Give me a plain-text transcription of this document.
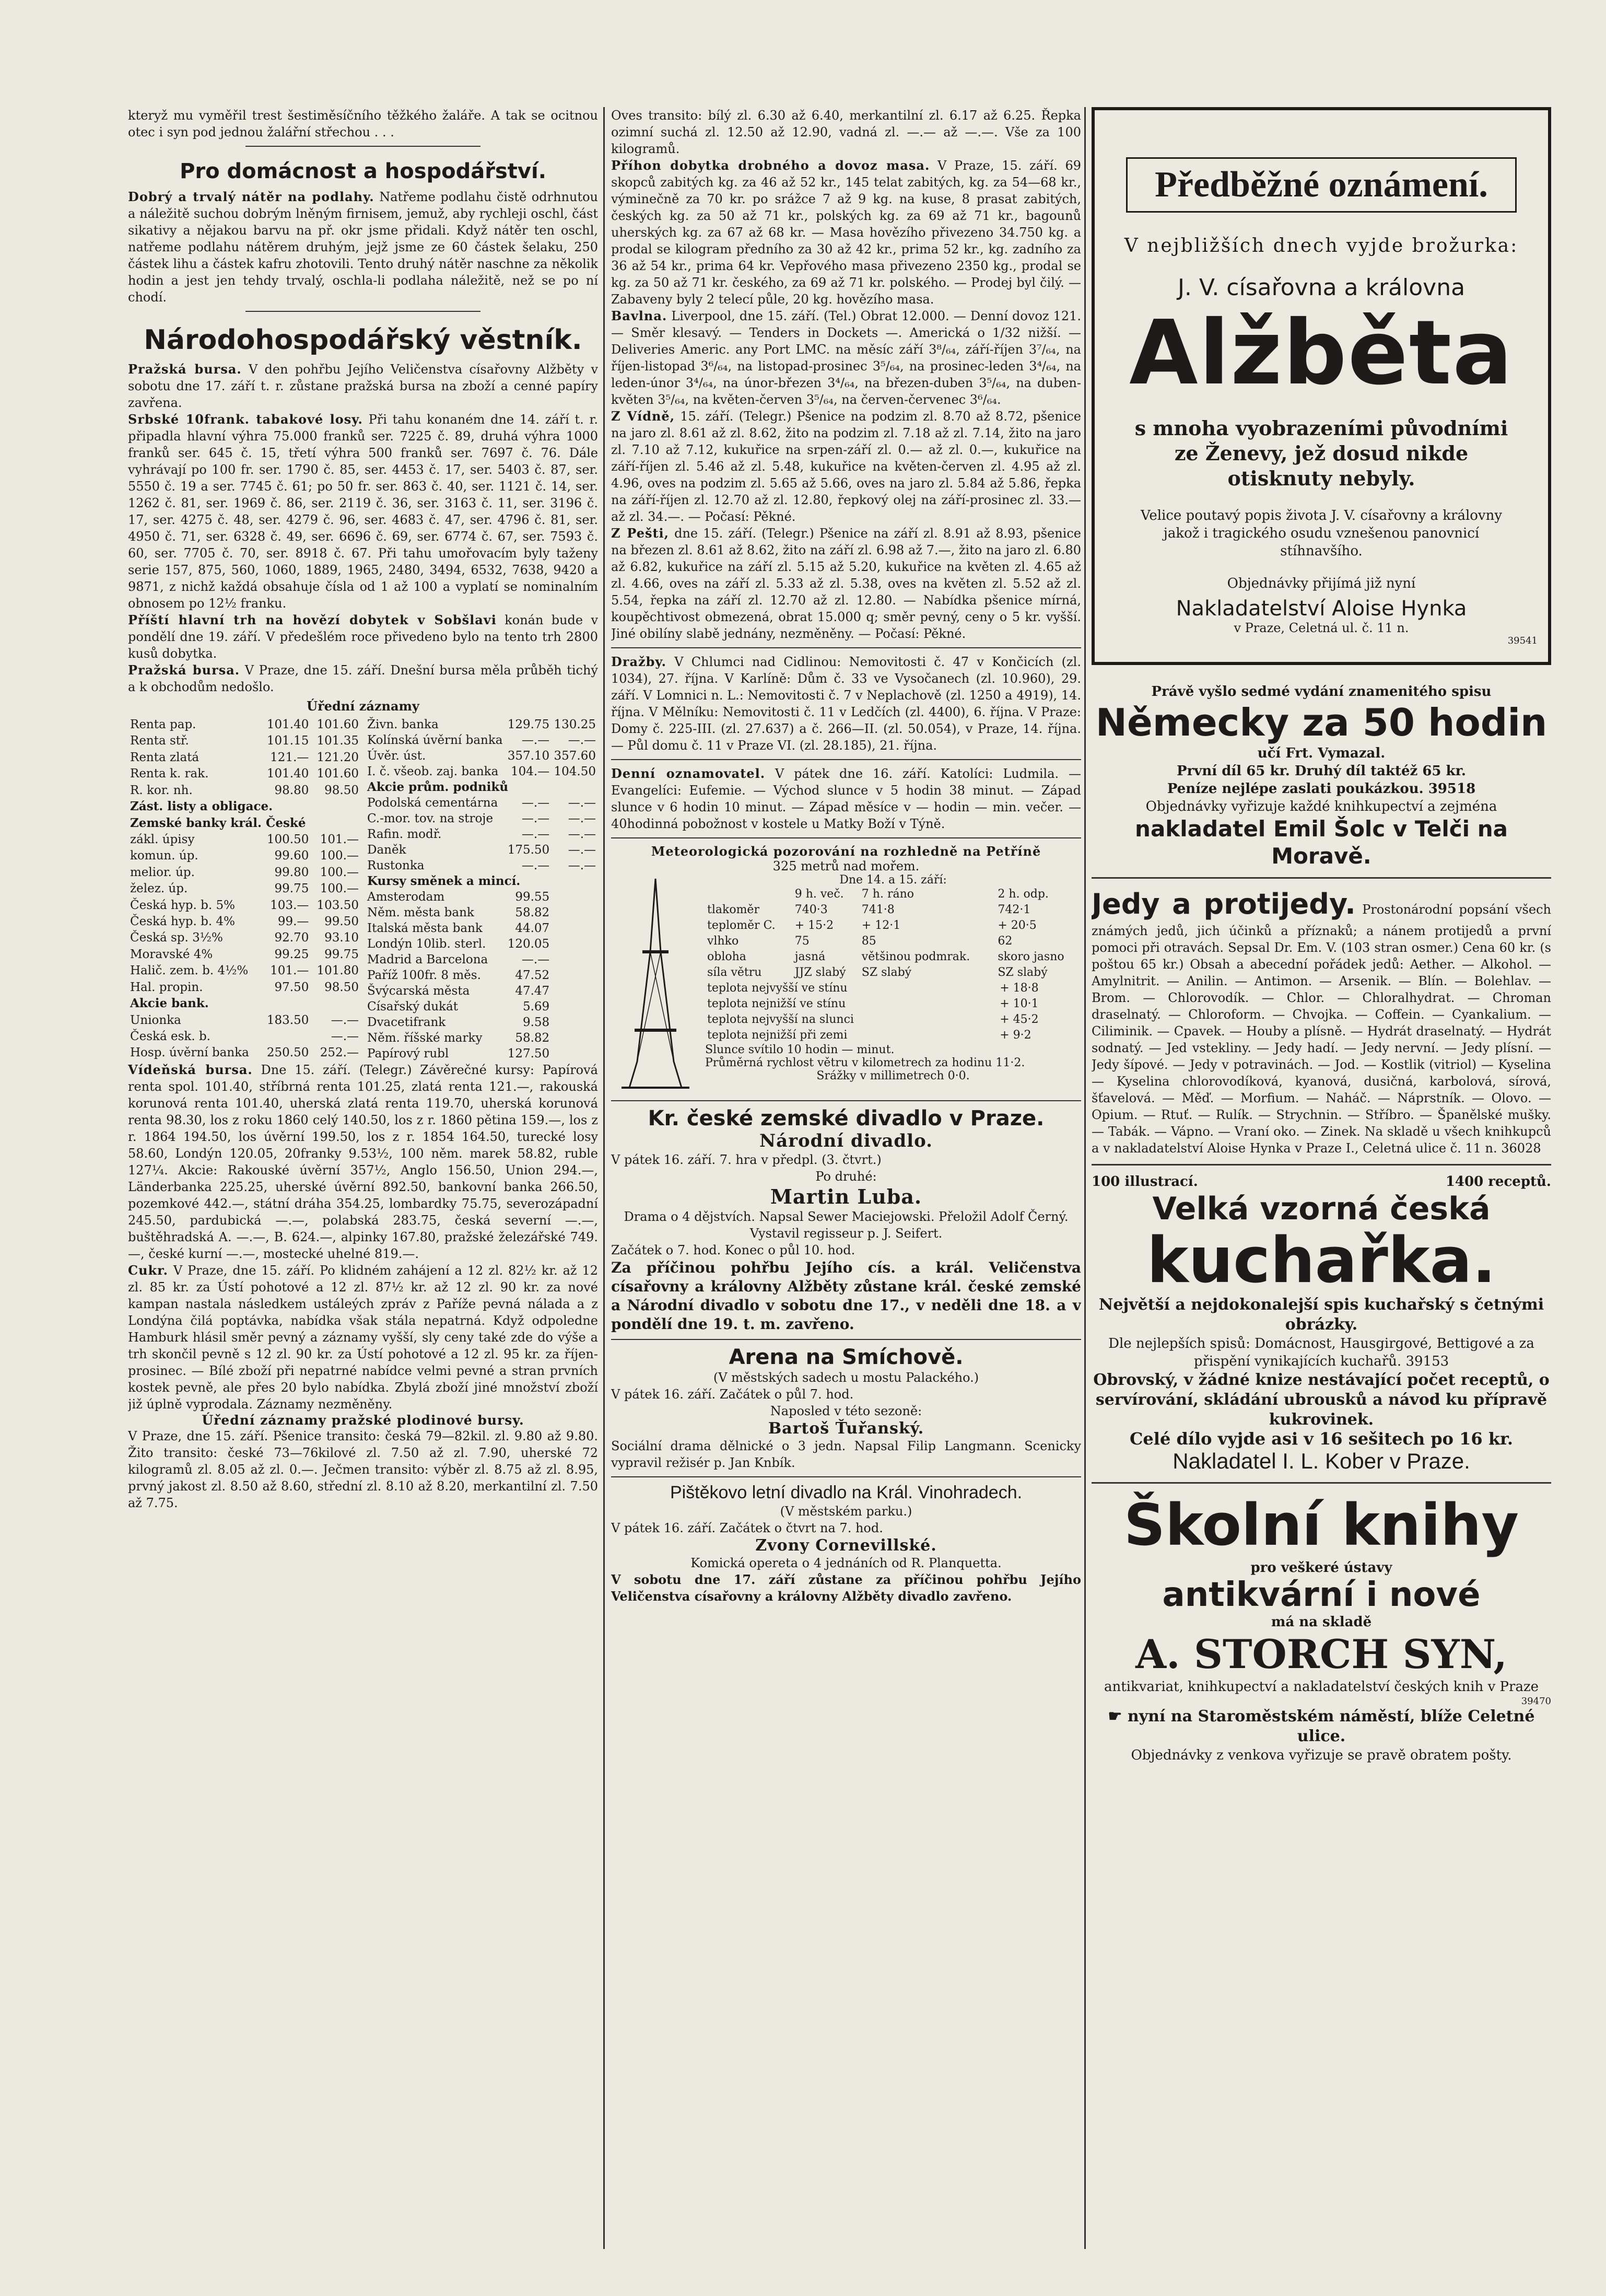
kteryž mu vyměřil trest šestiměsíčního těžkého žaláře. A tak se ocitnou otec i syn pod jednou žalářní střechou . . .

Pro domácnost a hospodářství.

Dobrý a trvalý nátěr na podlahy. Natřeme podlahu čistě odrhnutou a náležitě suchou dobrým lněným firnisem, jemuž, aby rychleji oschl, část sikativy a nějakou barvu na př. okr jsme přidali. Když nátěr ten oschl, natřeme podlahu nátěrem druhým, jejž jsme ze 60 částek šelaku, 250 částek lihu a částek kafru zhotovili. Tento druhý nátěr naschne za několik hodin a jest jen tehdy trvalý, oschla-li podlaha náležitě, než se po ní chodí.

Národohospodářský věstník.

Pražská bursa. V den pohřbu Jejího Veličenstva císařovny Alžběty v sobotu dne 17. září t. r. zůstane pražská bursa na zboží a cenné papíry zavřena.

Srbské 10frank. tabakové losy. Při tahu konaném dne 14. září t. r. připadla hlavní výhra 75.000 franků ser. 7225 č. 89, druhá výhra 1000 franků ser. 645 č. 15, třetí výhra 500 franků ser. 7697 č. 76. Dále vyhrávají po 100 fr. ser. 1790 č. 85, ser. 4453 č. 17, ser. 5403 č. 87, ser. 5550 č. 19 a ser. 7745 č. 61; po 50 fr. ser. 863 č. 40, ser. 1121 č. 14, ser. 1262 č. 81, ser. 1969 č. 86, ser. 2119 č. 36, ser. 3163 č. 11, ser. 3196 č. 17, ser. 4275 č. 48, ser. 4279 č. 96, ser. 4683 č. 47, ser. 4796 č. 81, ser. 4950 č. 71, ser. 6328 č. 49, ser. 6696 č. 69, ser. 6774 č. 67, ser. 7593 č. 60, ser. 7705 č. 70, ser. 8918 č. 67. Při tahu umořovacím byly taženy serie 157, 875, 560, 1060, 1889, 1965, 2480, 3494, 6532, 7638, 9420 a 9871, z nichž každá obsahuje čísla od 1 až 100 a vyplatí se nominalním obnosem po 12½ franku.

Příští hlavní trh na hovězí dobytek v Sobšlavi konán bude v pondělí dne 19. září. V předešlém roce přivedeno bylo na tento trh 2800 kusů dobytka.

Pražská bursa. V Praze, dne 15. září. Dnešní bursa měla průběh tichý a k obchodům nedošlo.

Úřední záznamy
Renta pap.	101.40	101.60
Renta stř.	101.15	101.35
Renta zlatá	121.—	121.20
Renta k. rak.	101.40	101.60
R. kor. nh.	98.80	98.50
Zást. listy a obligace.		
Zemské banky král. České		
zákl. úpisy	100.50	101.—
komun. úp.	99.60	100.—
melior. úp.	99.80	100.—
želez. úp.	99.75	100.—
Česká hyp. b. 5%	103.—	103.50
Česká hyp. b. 4%	99.—	99.50
Česká sp. 3½%	92.70	93.10
Moravské 4%	99.25	99.75
Halič. zem. b. 4½%	101.—	101.80
Hal. propin.	97.50	98.50
Akcie bank.		
Unionka	183.50	—.—
Česká esk. b.		—.—
Hosp. úvěrní banka	250.50	252.—
Živn. banka	129.75	130.25
Kolínská úvěrní banka	—.—	—.—
Úvěr. úst.	357.10	357.60
I. č. všeob. zaj. banka	104.—	104.50
Akcie prům. podniků		
Podolská cementárna	—.—	—.—
C.-mor. tov. na stroje	—.—	—.—
Rafin. modř.	—.—	—.—
Daněk	175.50	—.—
Rustonka	—.—	—.—
Kursy směnek a mincí.		
Amsterodam	99.55	
Něm. města bank	58.82	
Italská města bank	44.07	
Londýn 10lib. sterl.	120.05	
Madrid a Barcelona	—.—	
Paříž 100fr. 8 měs.	47.52	
Švýcarská města	47.47	
Císařský dukát	5.69	
Dvacetifrank	9.58	
Něm. říšské marky	58.82	
Papírový rubl	127.50	

Vídeňská bursa. Dne 15. září. (Telegr.) Závěrečné kursy: Papírová renta spol. 101.40, stříbrná renta 101.25, zlatá renta 121.—, rakouská korunová renta 101.40, uherská zlatá renta 119.70, uherská korunová renta 98.30, los z roku 1860 celý 140.50, los z r. 1860 pětina 159.—, los z r. 1864 194.50, los úvěrní 199.50, los z r. 1854 164.50, turecké losy 58.60, Londýn 120.05, 20franky 9.53½, 100 něm. marek 58.82, ruble 127¼. Akcie: Rakouské úvěrní 357½, Anglo 156.50, Union 294.—, Länderbanka 225.25, uherské úvěrní 892.50, bankovní banka 266.50, pozemkové 442.—, státní dráha 354.25, lombardky 75.75, severozápadní 245.50, pardubická —.—, polabská 283.75, česká severní —.—, buštěhradská A. —.—, B. 624.—, alpinky 167.80, pražské železářské 749.—, české kurní —.—, mostecké uhelné 819.—.

Cukr. V Praze, dne 15. září. Po klidném zahájení a 12 zl. 82½ kr. až 12 zl. 85 kr. za Ústí pohotové a 12 zl. 87½ kr. až 12 zl. 90 kr. za nové kampan nastala následkem ustáleých zpráv z Paříže pevná nálada a z Londýna čilá poptávka, nabídka však stála nepatrná. Když odpoledne Hamburk hlásil směr pevný a záznamy vyšší, sly ceny také zde do výše a trh skončil pevně s 12 zl. 90 kr. za Ústí pohotové a 12 zl. 95 kr. za říjen-prosinec. — Bílé zboží při nepatrné nabídce velmi pevné a stran prvních kostek pevně, ale přes 20 bylo nabídka. Zbylá zboží jiné množství zboží již úplně vyprodala. Záznamy nezměněny.

Úřední záznamy pražské plodinové bursy.

V Praze, dne 15. září. Pšenice transito: česká 79—82kil. zl. 9.80 až 9.80. Žito transito: české 73—76kilové zl. 7.50 až zl. 7.90, uherské 72 kilogramů zl. 8.05 až zl. 0.—. Ječmen transito: výběr zl. 8.75 až zl. 8.95, prvný jakost zl. 8.50 až 8.60, střední zl. 8.10 až 8.20, merkantilní zl. 7.50 až 7.75.

Oves transito: bílý zl. 6.30 až 6.40, merkantilní zl. 6.17 až 6.25. Řepka ozimní suchá zl. 12.50 až 12.90, vadná zl. —.— až —.—. Vše za 100 kilogramů.

Příhon dobytka drobného a dovoz masa. V Praze, 15. září. 69 skopců zabitých kg. za 46 až 52 kr., 145 telat zabitých, kg. za 54—68 kr., výminečně za 70 kr. po srážce 7 až 9 kg. na kuse, 8 prasat zabitých, českých kg. za 50 až 71 kr., polských kg. za 69 až 71 kr., bagounů uherských kg. za 67 až 68 kr. — Masa hovězího přivezeno 34.750 kg. a prodal se kilogram předního za 30 až 42 kr., prima 52 kr., kg. zadního za 36 až 54 kr., prima 64 kr. Vepřového masa přivezeno 2350 kg., prodal se kg. za 50 až 71 kr. českého, za 69 až 71 kr. polského. — Prodej byl čilý. — Zabaveny byly 2 telecí půle, 20 kg. hovězího masa.

Bavlna. Liverpool, dne 15. září. (Tel.) Obrat 12.000. — Denní dovoz 121. — Směr klesavý. — Tenders in Dockets —. Americká o 1/32 nižší. — Deliveries Americ. any Port LMC. na měsíc září 3⁸/₆₄, září-říjen 3⁷/₆₄, na říjen-listopad 3⁶/₆₄, na listopad-prosinec 3⁵/₆₄, na prosinec-leden 3⁴/₆₄, na leden-únor 3⁴/₆₄, na únor-březen 3⁴/₆₄, na březen-duben 3⁵/₆₄, na duben-květen 3⁵/₆₄, na květen-červen 3⁵/₆₄, na červen-červenec 3⁶/₆₄.

Z Vídně, 15. září. (Telegr.) Pšenice na podzim zl. 8.70 až 8.72, pšenice na jaro zl. 8.61 až zl. 8.62, žito na podzim zl. 7.18 až zl. 7.14, žito na jaro zl. 7.10 až 7.12, kukuřice na srpen-září zl. 0.— až zl. 0.—, kukuřice na září-říjen zl. 5.46 až zl. 5.48, kukuřice na květen-červen zl. 4.95 až zl. 4.96, oves na podzim zl. 5.65 až 5.66, oves na jaro zl. 5.84 až 5.86, řepka na září-říjen zl. 12.70 až zl. 12.80, řepkový olej na září-prosinec zl. 33.— až zl. 34.—. — Počasí: Pěkné.

Z Pešti, dne 15. září. (Telegr.) Pšenice na září zl. 8.91 až 8.93, pšenice na březen zl. 8.61 až 8.62, žito na září zl. 6.98 až 7.—, žito na jaro zl. 6.80 až 6.82, kukuřice na září zl. 5.15 až 5.20, kukuřice na květen zl. 4.65 až zl. 4.66, oves na září zl. 5.33 až zl. 5.38, oves na květen zl. 5.52 až zl. 5.54, řepka na září zl. 12.70 až zl. 12.80. — Nabídka pšenice mírná, koupěchtivost obmezená, obrat 15.000 q; směr pevný, ceny o 5 kr. vyšší. Jiné obilíny slabě jednány, nezměněny. — Počasí: Pěkné.

Dražby. V Chlumci nad Cidlinou: Nemovitosti č. 47 v Končicích (zl. 1034), 27. října. V Karlíně: Dům č. 33 ve Vysočanech (zl. 10.960), 29. září. V Lomnici n. L.: Nemovitosti č. 7 v Neplachově (zl. 1250 a 4919), 14. října. V Mělníku: Nemovitosti č. 11 v Ledčích (zl. 4400), 6. října. V Praze: Domy č. 225-III. (zl. 27.637) a č. 266—II. (zl. 50.054), v Praze, 14. října. — Půl domu č. 11 v Praze VI. (zl. 28.185), 21. října.

Denní oznamovatel. V pátek dne 16. září. Katolíci: Ludmila. — Evangelíci: Eufemie. — Východ slunce v 5 hodin 38 minut. — Západ slunce v 6 hodin 10 minut. — Západ měsíce v — hodin — min. večer. — 40hodinná pobožnost v kostele u Matky Boží v Týně.

Meteorologická pozorování na rozhledně na Petříně
325 metrů nad mořem.
Dne 14. a 15. září:
	9 h. več.	7 h. ráno	2 h. odp.
tlakoměr	740·3	741·8	742·1
teploměr C.	+ 15·2	+ 12·1	+ 20·5
vlhko	75	85	62
obloha	jasná	většinou podmrak.	skoro jasno
síla větru	JJZ slabý	SZ slabý	SZ slabý
teplota nejvyšší ve stínu	+ 18·8
teplota nejnižší ve stínu	+ 10·1
teplota nejvyšší na slunci	+ 45·2
teplota nejnižší při zemi	+ 9·2
Slunce svítilo 10 hodin — minut.
Průměrná rychlost větru v kilometrech za hodinu 11·2.
Srážky v millimetrech 0·0.
Kr. české zemské divadlo v Praze.
Národní divadlo.

V pátek 16. září. 7. hra v předpl. (3. čtvrt.)

Po druhé:

Martin Luba.

Drama o 4 dějstvích. Napsal Sewer Maciejowski. Přeložil Adolf Černý. Vystavil regisseur p. J. Seifert.

Začátek o 7. hod. Konec o půl 10. hod.

Za příčinou pohřbu Jejího cís. a král. Veličenstva císařovny a královny Alžběty zůstane král. české zemské a Národní divadlo v sobotu dne 17., v neděli dne 18. a v pondělí dne 19. t. m. zavřeno.

Arena na Smíchově.

(V městských sadech u mostu Palackého.)

V pátek 16. září. Začátek o půl 7. hod.

Naposled v této sezoně:

Bartoš Ťuřanský.

Sociální drama dělnické o 3 jedn. Napsal Filip Langmann. Scenicky vypravil režisér p. Jan Knbík.

Pištěkovo letní divadlo na Král. Vinohradech.

(V městském parku.)

V pátek 16. září. Začátek o čtvrt na 7. hod.

Zvony Cornevillské.

Komická opereta o 4 jednáních od R. Planquetta.

V sobotu dne 17. září zůstane za příčinou pohřbu Jejího Veličenstva císařovny a královny Alžběty divadlo zavřeno.

Předběžné oznámení.
V nejbližších dnech vyjde brožurka:
J. V. císařovna a královna
Alžběta
s mnoha vyobrazeními původními ze Ženevy, jež dosud nikde otisknuty nebyly.
Velice poutavý popis života J. V. císařovny a královny jakož i tragického osudu vznešenou panovnicí stíhnavšího.
Objednávky přijímá již nyní
Nakladatelství Aloise Hynka
v Praze, Celetná ul. č. 11 n.
39541
Právě vyšlo sedmé vydání znamenitého spisu
Německy za 50 hodin
učí Frt. Vymazal.
První díl 65 kr. Druhý díl taktéž 65 kr.
Peníze nejlépe zaslati poukázkou. 39518
Objednávky vyřizuje každé knihkupectví a zejména
nakladatel Emil Šolc v Telči na Moravě.

Jedy a protijedy. Prostonárodní popsání všech známých jedů, jich účinků a příznaků; a nánem protijedů a první pomoci při otravách. Sepsal Dr. Em. V. (103 stran osmer.) Cena 60 kr. (s poštou 65 kr.) Obsah a abecední pořádek jedů: Aether. — Alkohol. — Amylnitrit. — Anilin. — Antimon. — Arsenik. — Blín. — Bolehlav. — Brom. — Chlorovodík. — Chlor. — Chloralhydrat. — Chroman draselnatý. — Chloroform. — Chvojka. — Coffein. — Cyankalium. — Ciliminik. — Cpavek. — Houby a plísně. — Hydrát draselnatý. — Hydrát sodnatý. — Jed vstekliny. — Jedy hadí. — Jedy nervní. — Jedy plísní. — Jedy šípové. — Jedy v potravinách. — Jod. — Kostlik (vitriol) — Kyselina — Kyselina chlorovodíková, kyanová, dusičná, karbolová, sírová, šťavelová. — Měď. — Morfium. — Naháč. — Náprstník. — Olovo. — Opium. — Rtuť. — Rulík. — Strychnin. — Stříbro. — Španělské mušky. — Tabák. — Vápno. — Vraní oko. — Zinek. Na skladě u všech knihkupců a v nakladatelství Aloise Hynka v Praze I., Celetná ulice č. 11 n. 36028

100 illustrací.	1400 receptů.
Velká vzorná česká
kuchařka.
Největší a nejdokonalejší spis kuchařský s četnými obrázky.
Dle nejlepších spisů: Domácnost, Hausgirgové, Bettigové a za přispění vynikajících kuchařů. 39153
Obrovský, v žádné knize nestávající počet receptů, o servírování, skládání ubrousků a návod ku přípravě kukrovinek.
Celé dílo vyjde asi v 16 sešitech po 16 kr.
Nakladatel I. L. Kober v Praze.
Školní knihy
pro veškeré ústavy
antikvární i nové
má na skladě
A. STORCH SYN,
antikvariat, knihkupectví a nakladatelství českých knih v Praze
39470
☛ nyní na Staroměstském náměstí, blíže Celetné ulice.
Objednávky z venkova vyřizuje se pravě obratem pošty.
